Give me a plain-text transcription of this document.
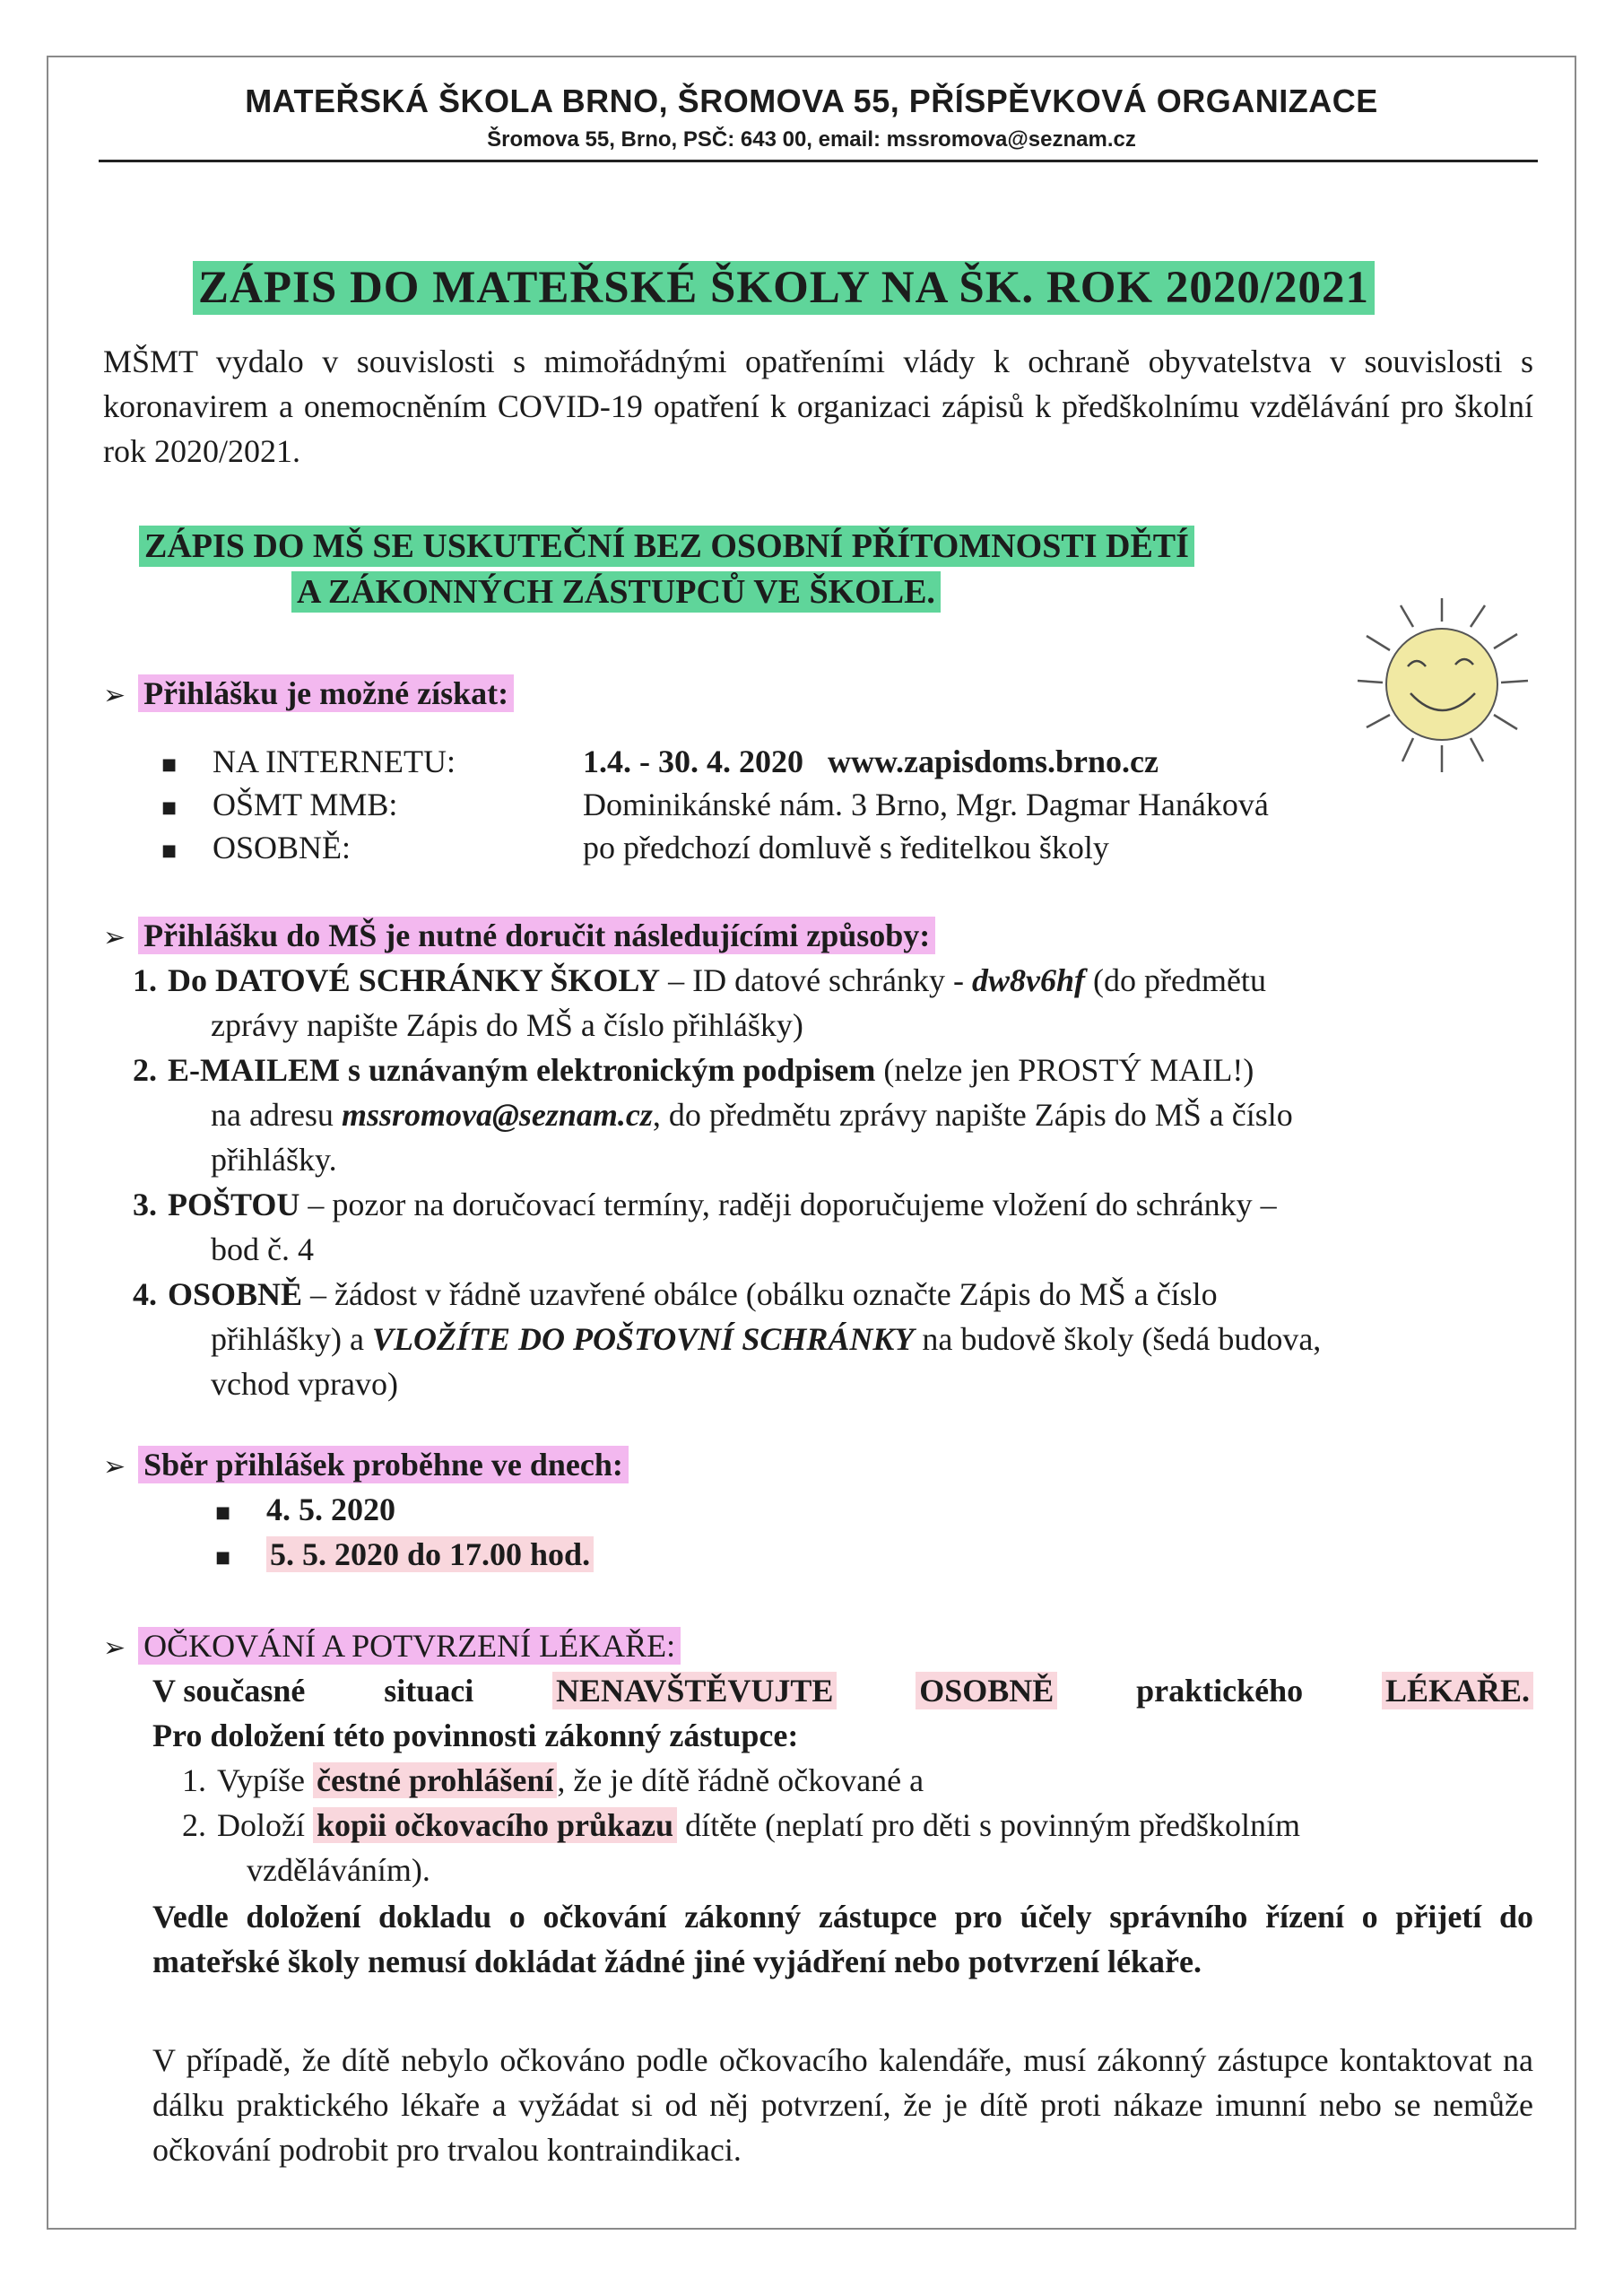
MATEŘSKÁ ŠKOLA BRNO, ŠROMOVA 55, PŘÍSPĚVKOVÁ ORGANIZACE
Šromova 55, Brno, PSČ: 643 00, email: mssromova@seznam.cz
ZÁPIS DO MATEŘSKÉ ŠKOLY NA ŠK. ROK 2020/2021
MŠMT vydalo v souvislosti s mimořádnými opatřeními vlády k ochraně obyvatelstva v souvislosti s koronavirem a onemocněním COVID-19 opatření k organizaci zápisů k předškolnímu vzdělávání pro školní rok 2020/2021.
ZÁPIS DO MŠ SE USKUTEČNÍ BEZ OSOBNÍ PŘÍTOMNOSTI DĚTÍ
A ZÁKONNÝCH ZÁSTUPCŮ VE ŠKOLE.
➢ Přihlášku je možné získat:
■ NA INTERNETU:	1.4. - 30. 4. 2020 www.zapisdoms.brno.cz
■ OŠMT MMB:	Dominikánské nám. 3 Brno, Mgr. Dagmar Hanáková
■ OSOBNĚ:	po předchozí domluvě s ředitelkou školy
➢ Přihlášku do MŠ je nutné doručit následujícími způsoby:
1. Do DATOVÉ SCHRÁNKY ŠKOLY – ID datové schránky - dw8v6hf (do předmětu
zprávy napište Zápis do MŠ a číslo přihlášky)
2. E-MAILEM s uznávaným elektronickým podpisem (nelze jen PROSTÝ MAIL!)
na adresu mssromova@seznam.cz, do předmětu zprávy napište Zápis do MŠ a číslo
přihlášky.
3. POŠTOU – pozor na doručovací termíny, raději doporučujeme vložení do schránky –
bod č. 4
4. OSOBNĚ – žádost v řádně uzavřené obálce (obálku označte Zápis do MŠ a číslo
přihlášky) a VLOŽÍTE DO POŠTOVNÍ SCHRÁNKY na budově školy (šedá budova,
vchod vpravo)
➢ Sběr přihlášek proběhne ve dnech:
■ 4. 5. 2020
■ 5. 5. 2020 do 17.00 hod.
➢ OČKOVÁNÍ A POTVRZENÍ LÉKAŘE:
V současné situaci	NENAVŠTĚVUJTE	OSOBNĚ	praktického	LÉKAŘE.
Pro doložení této povinnosti zákonný zástupce:
1. Vypíše čestné prohlášení , že je dítě řádně očkované a
2. Doloží kopii očkovacího průkazu dítěte (neplatí pro děti s povinným předškolním
vzděláváním).
Vedle doložení dokladu o očkování zákonný zástupce pro účely správního řízení o přijetí do mateřské školy nemusí dokládat žádné jiné vyjádření nebo potvrzení lékaře.
V případě, že dítě nebylo očkováno podle očkovacího kalendáře, musí zákonný zástupce kontaktovat na dálku praktického lékaře a vyžádat si od něj potvrzení, že je dítě proti nákaze imunní nebo se nemůže očkování podrobit pro trvalou kontraindikaci.
